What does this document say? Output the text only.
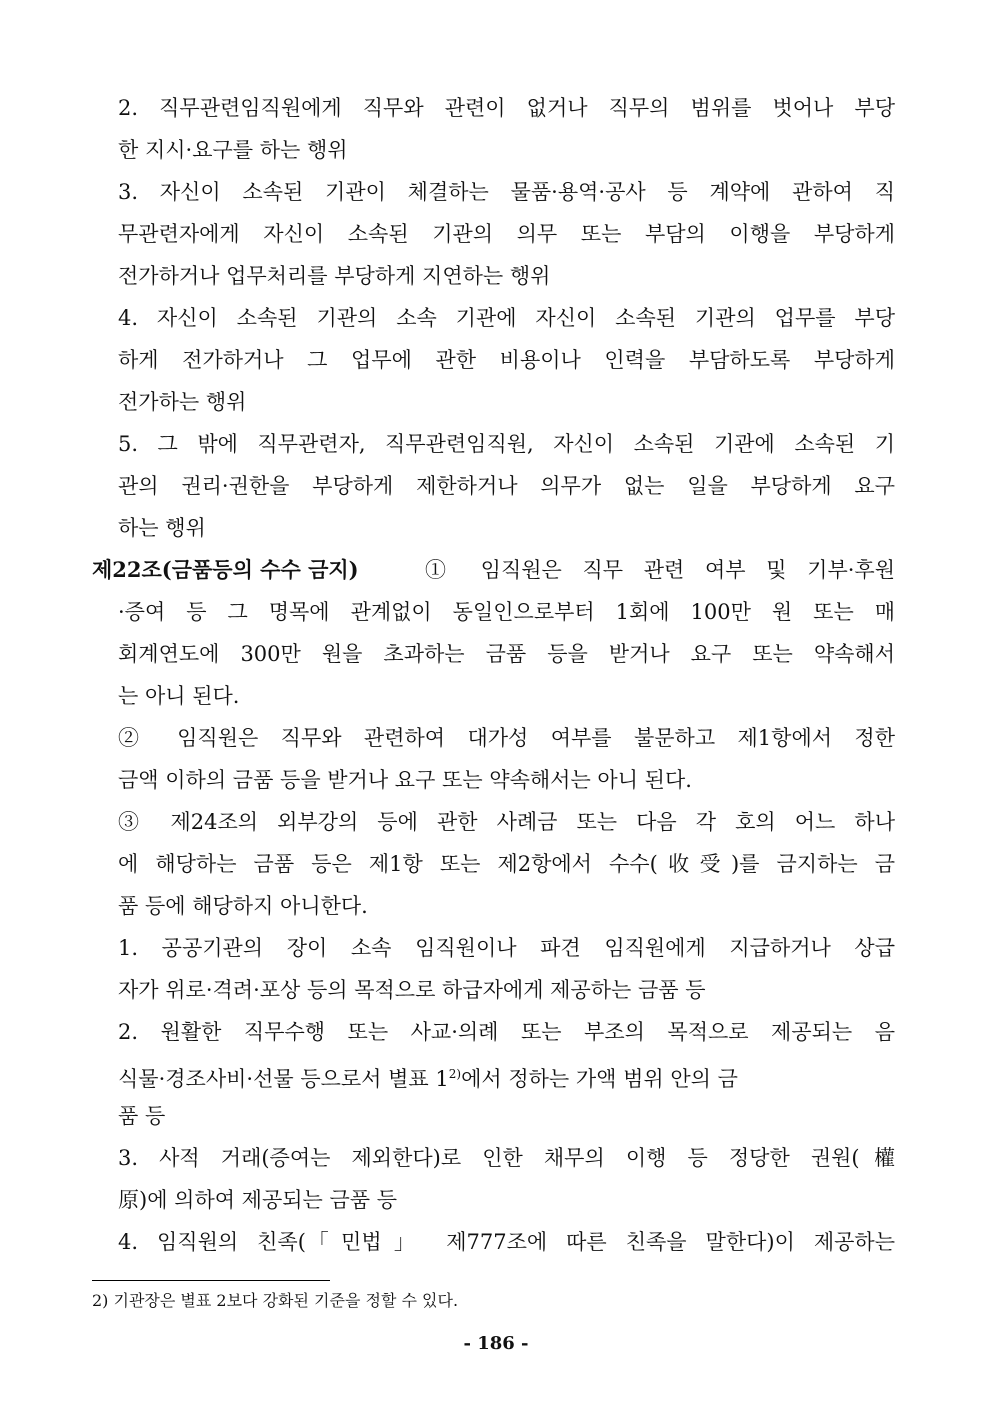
2. 직무관련임직원에게 직무와 관련이 없거나 직무의 범위를 벗어나 부당
한 지시·요구를 하는 행위
3. 자신이 소속된 기관이 체결하는 물품·용역·공사 등 계약에 관하여 직
무관련자에게 자신이 소속된 기관의 의무 또는 부담의 이행을 부당하게
전가하거나 업무처리를 부당하게 지연하는 행위
4. 자신이 소속된 기관의 소속 기관에 자신이 소속된 기관의 업무를 부당
하게 전가하거나 그 업무에 관한 비용이나 인력을 부담하도록 부당하게
전가하는 행위
5. 그 밖에 직무관련자, 직무관련임직원, 자신이 소속된 기관에 소속된 기
관의 권리·권한을 부당하게 제한하거나 의무가 없는 일을 부당하게 요구
하는 행위
제22조(금품등의 수수 금지)	① 임직원은 직무 관련 여부 및 기부·후원
·증여 등 그 명목에 관계없이 동일인으로부터 1회에 100만 원 또는 매
회계연도에 300만 원을 초과하는 금품 등을 받거나 요구 또는 약속해서
는 아니 된다.
② 임직원은 직무와 관련하여 대가성 여부를 불문하고 제1항에서 정한
금액 이하의 금품 등을 받거나 요구 또는 약속해서는 아니 된다.
③ 제24조의 외부강의 등에 관한 사례금 또는 다음 각 호의 어느 하나
에 해당하는 금품 등은 제1항 또는 제2항에서 수수(收受)를 금지하는 금
품 등에 해당하지 아니한다.
1. 공공기관의 장이 소속 임직원이나 파견 임직원에게 지급하거나 상급
자가 위로·격려·포상 등의 목적으로 하급자에게 제공하는 금품 등
2. 원활한 직무수행 또는 사교·의례 또는 부조의 목적으로 제공되는 음
식물·경조사비·선물 등으로서 별표 1$^{2)}$에서 정하는 가액 범위 안의 금
품 등
3. 사적 거래(증여는 제외한다)로 인한 채무의 이행 등 정당한 권원(權
原)에 의하여 제공되는 금품 등
4. 임직원의 친족(「민법」 제777조에 따른 친족을 말한다)이 제공하는
2) 기관장은 별표 2보다 강화된 기준을 정할 수 있다.
- 186 -
